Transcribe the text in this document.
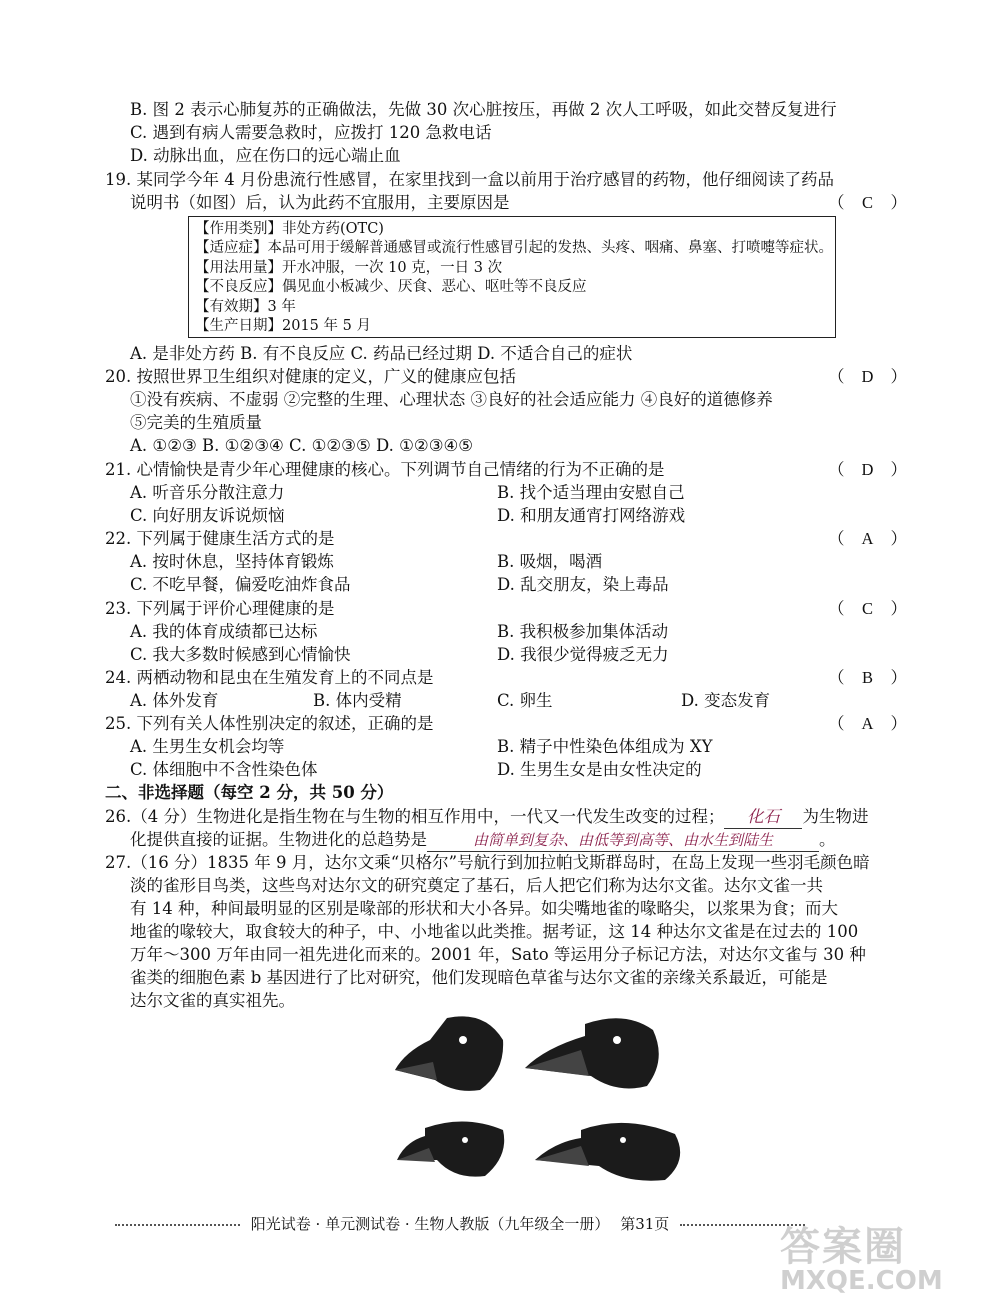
B. 图 2 表示心肺复苏的正确做法，先做 30 次心脏按压，再做 2 次人工呼吸，如此交替反复进行
C. 遇到有病人需要急救时，应拨打 120 急救电话
D. 动脉出血，应在伤口的远心端止血
19. 某同学今年 4 月份患流行性感冒，在家里找到一盒以前用于治疗感冒的药物，他仔细阅读了药品
说明书（如图）后，认为此药不宜服用，主要原因是
A. 是非处方药 B. 有不良反应 C. 药品已经过期 D. 不适合自己的症状
20. 按照世界卫生组织对健康的定义，广义的健康应包括
①没有疾病、不虚弱 ②完整的生理、心理状态 ③良好的社会适应能力 ④良好的道德修养
⑤完美的生殖质量
A. ①②③ B. ①②③④ C. ①②③⑤ D. ①②③④⑤
21. 心情愉快是青少年心理健康的核心。下列调节自己情绪的行为不正确的是
A. 听音乐分散注意力	B. 找个适当理由安慰自己
C. 向好朋友诉说烦恼	D. 和朋友通宵打网络游戏
22. 下列属于健康生活方式的是
A. 按时休息，坚持体育锻炼	B. 吸烟，喝酒
C. 不吃早餐，偏爱吃油炸食品	D. 乱交朋友，染上毒品
23. 下列属于评价心理健康的是
A. 我的体育成绩都已达标	B. 我积极参加集体活动
C. 我大多数时候感到心情愉快	D. 我很少觉得疲乏无力
24. 两栖动物和昆虫在生殖发育上的不同点是
A. 体外发育	B. 体内受精	C. 卵生	D. 变态发育
25. 下列有关人体性别决定的叙述，正确的是
A. 生男生女机会均等	B. 精子中性染色体组成为 XY
C. 体细胞中不含性染色体	D. 生男生女是由女性决定的
27.（16 分）1835 年 9 月，达尔文乘“贝格尔”号航行到加拉帕戈斯群岛时，在岛上发现一些羽毛颜色暗
淡的雀形目鸟类，这些鸟对达尔文的研究奠定了基石，后人把它们称为达尔文雀。达尔文雀一共
有 14 种，种间最明显的区别是喙部的形状和大小各异。如尖嘴地雀的喙略尖，以浆果为食；而大
地雀的喙较大，取食较大的种子，中、小地雀以此类推。据考证，这 14 种达尔文雀是在过去的 100
万年～300 万年由同一祖先进化而来的。2001 年，Sato 等运用分子标记方法，对达尔文雀与 30 种
雀类的细胞色素 b 基因进行了比对研究，他们发现暗色草雀与达尔文雀的亲缘关系最近，可能是
达尔文雀的真实祖先。
（ C ）
（ D ）
（ D ）
（ A ）
（ C ）
（ B ）
（ A ）
【作用类别】非处方药(OTC)
【适应症】本品可用于缓解普通感冒或流行性感冒引起的发热、头疼、咽痛、鼻塞、打喷嚏等症状。
【用法用量】开水冲服，一次 10 克，一日 3 次
【不良反应】偶见血小板减少、厌食、恶心、呕吐等不良反应
【有效期】3 年
【生产日期】2015 年 5 月
二、非选择题（每空 2 分，共 50 分）
26.（4 分）生物进化是指生物在与生物的相互作用中，一代又一代发生改变的过程； 化石 为生物进
化提供直接的证据。生物进化的总趋势是	由简单到复杂、由低等到高等、由水生到陆生	。
阳光试卷 · 单元测试卷 · 生物人教版（九年级全一册） 第31页	答案圈
MXQE.COM
